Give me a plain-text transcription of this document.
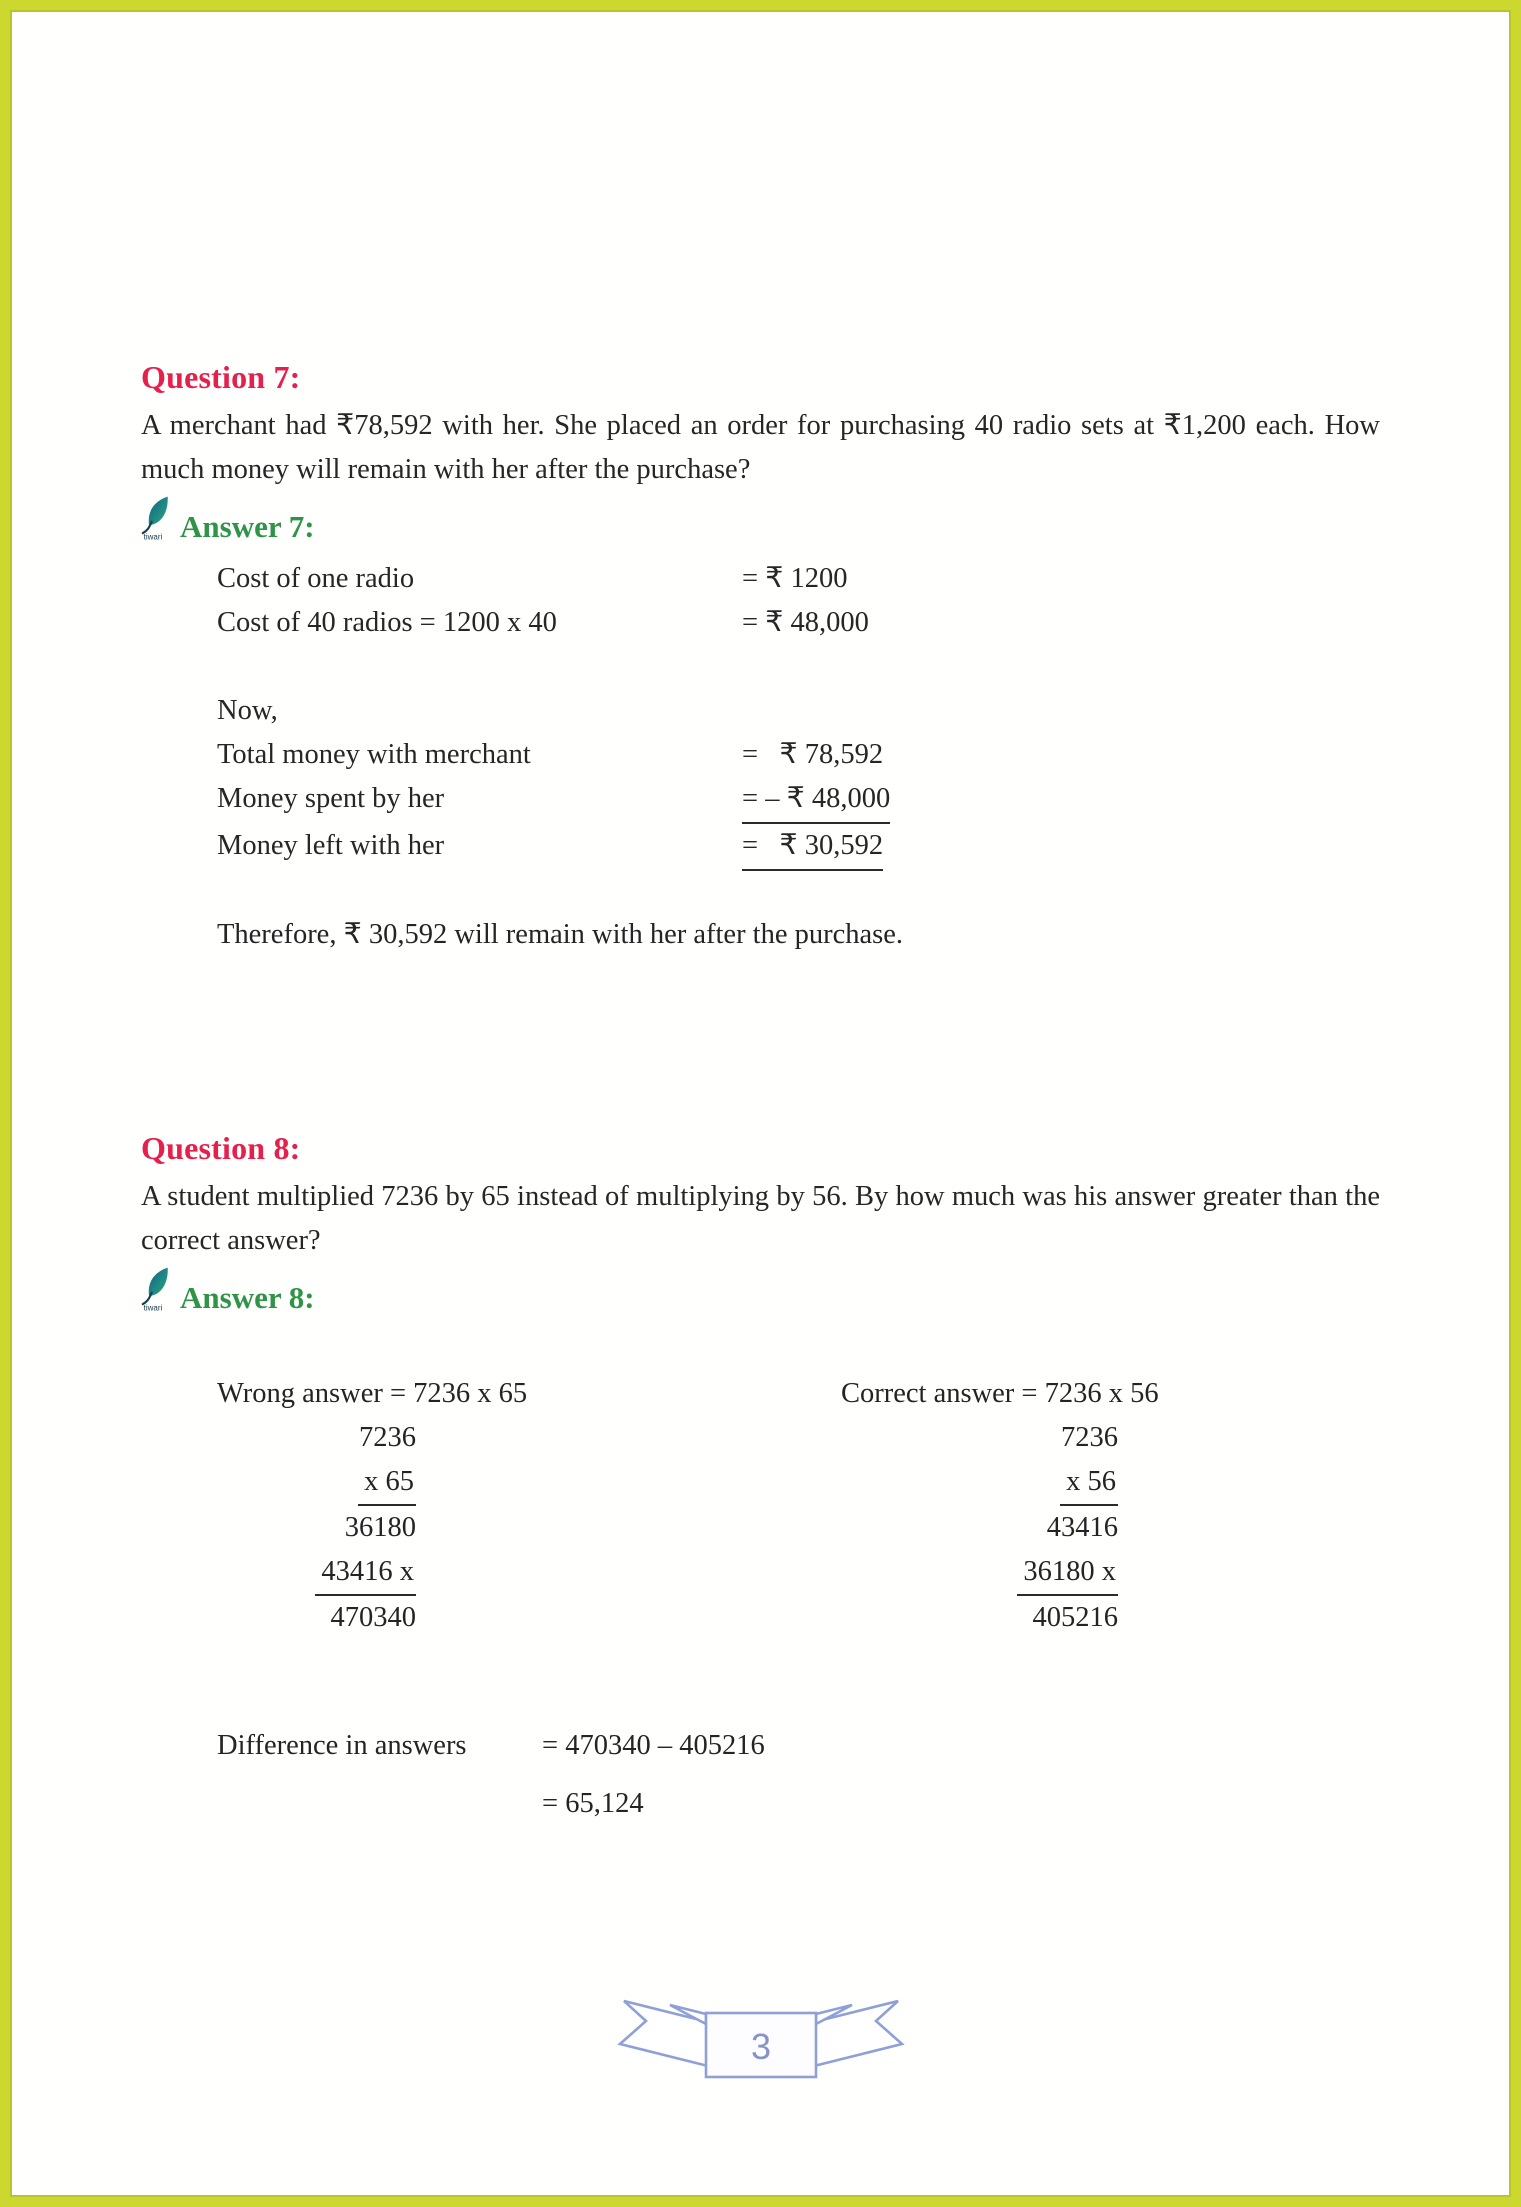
Question 7:
A merchant had ₹78,592 with her. She placed an order for purchasing 40 radio sets at ₹1,200 each. How much money will remain with her after the purchase?
tiwari Answer 7:
Cost of one radio	= ₹ 1200
Cost of 40 radios = 1200 x 40	= ₹ 48,000
Now,
Total money with merchant	=   ₹ 78,592
Money spent by her	= – ₹ 48,000
Money left with her	=   ₹ 30,592
Therefore, ₹ 30,592 will remain with her after the purchase.
Question 8:
A student multiplied 7236 by 65 instead of multiplying by 56. By how much was his answer greater than the correct answer?
tiwari Answer 8:
Wrong answer = 7236 x 65
7236
x 65
36180
43416 x
470340
Correct answer = 7236 x 56
7236
x 56
43416
36180 x
405216
Difference in answers	= 470340 – 405216
= 65,124
3
